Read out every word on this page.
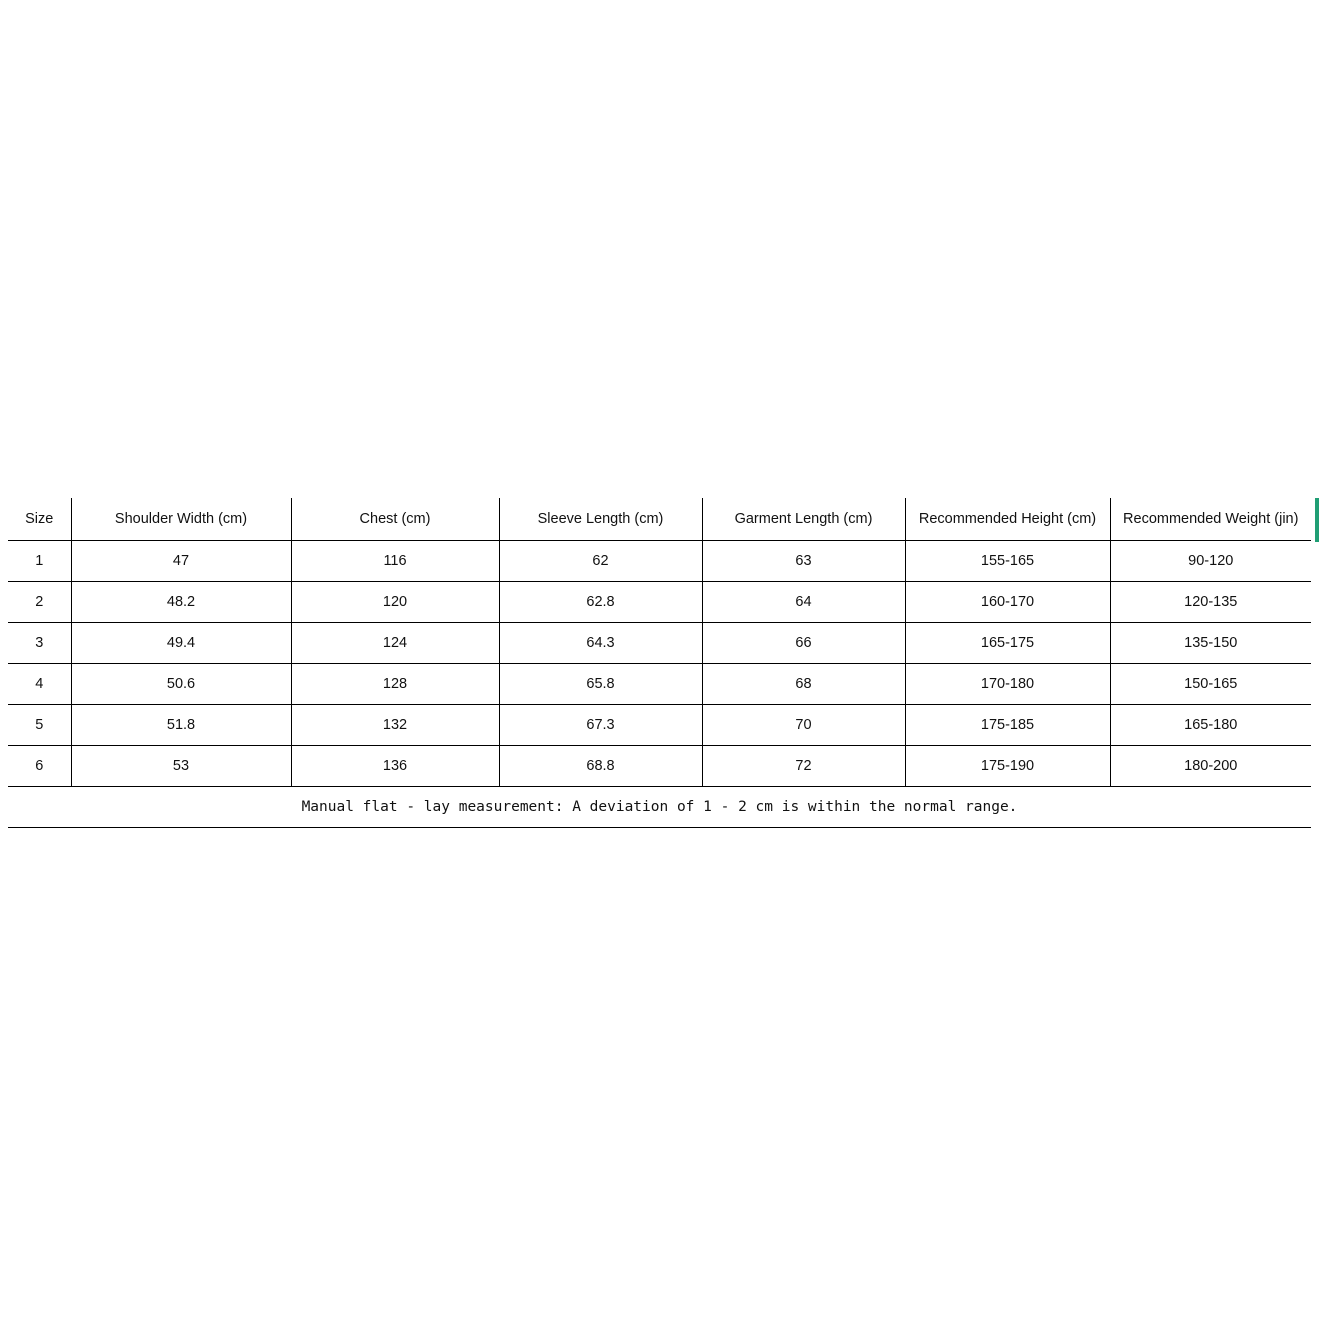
Size	Shoulder Width (cm)	Chest (cm)	Sleeve Length (cm)	Garment Length (cm)	Recommended Height (cm)	Recommended Weight (jin)
1	47	116	62	63	155-165	90-120
2	48.2	120	62.8	64	160-170	120-135
3	49.4	124	64.3	66	165-175	135-150
4	50.6	128	65.8	68	170-180	150-165
5	51.8	132	67.3	70	175-185	165-180
6	53	136	68.8	72	175-190	180-200
Manual flat - lay measurement: A deviation of 1 - 2 cm is within the normal range.						
